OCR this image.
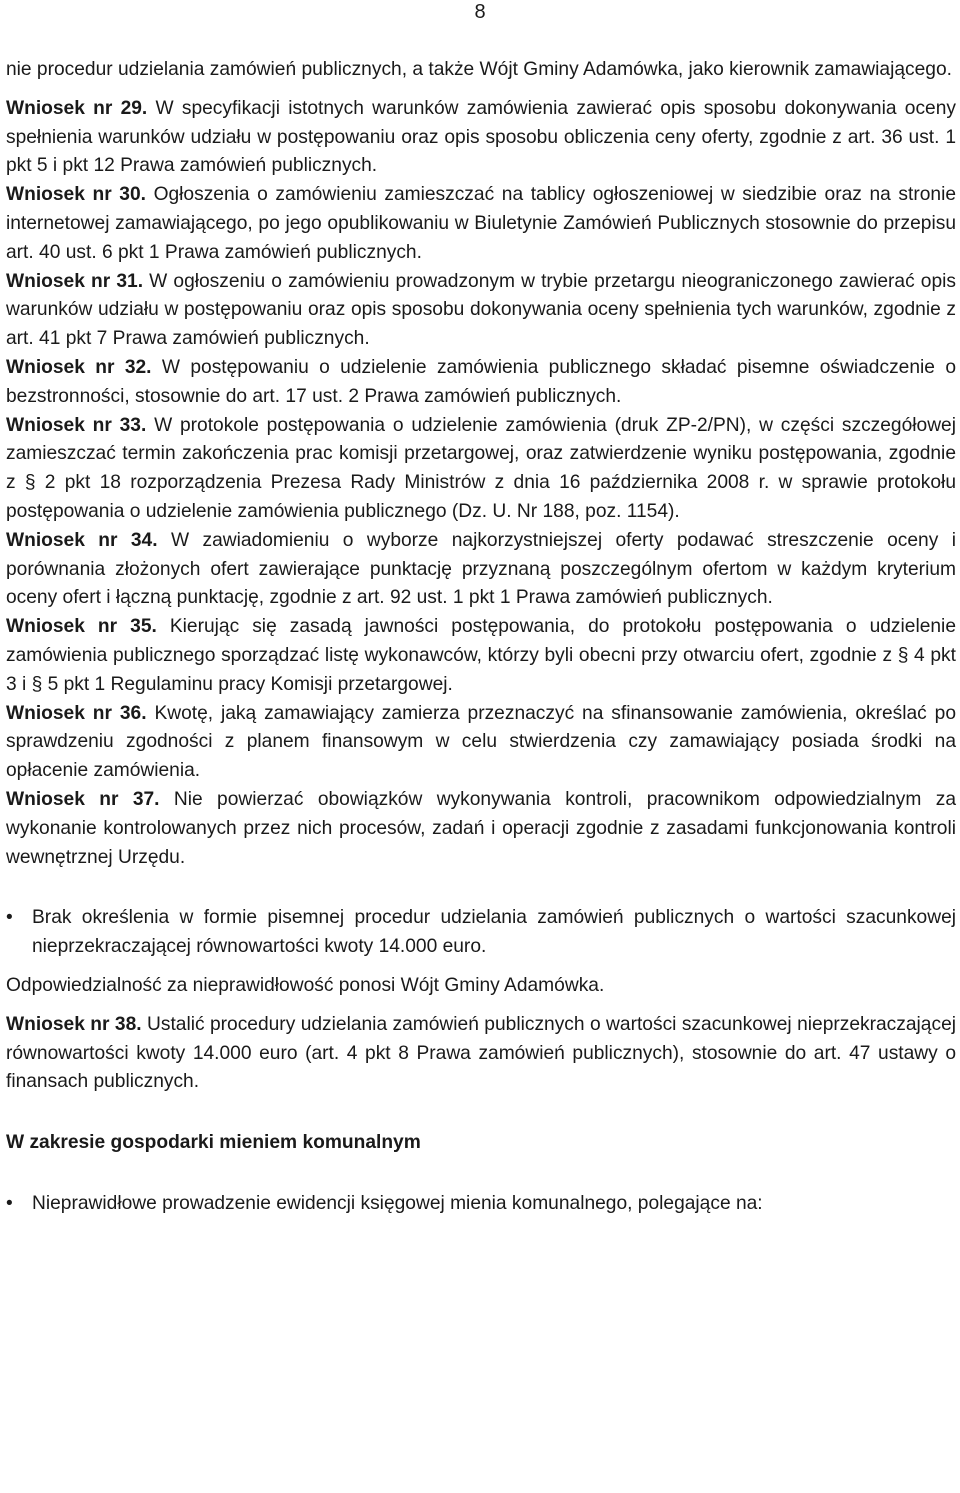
8

nie procedur udzielania zamówień publicznych, a także Wójt Gminy Adamówka, jako kierownik zamawiającego.

Wniosek nr 29. W specyfikacji istotnych warunków zamówienia zawierać opis sposobu dokonywania oceny spełnienia warunków udziału w postępowaniu oraz opis sposobu obliczenia ceny oferty, zgodnie z art. 36 ust. 1 pkt 5 i pkt 12 Prawa zamówień publicznych.

Wniosek nr 30. Ogłoszenia o zamówieniu zamieszczać na tablicy ogłoszeniowej w siedzibie oraz na stronie internetowej zamawiającego, po jego opublikowaniu w Biuletynie Zamówień Publicznych stosownie do przepisu art. 40 ust. 6 pkt 1 Prawa zamówień publicznych.

Wniosek nr 31. W ogłoszeniu o zamówieniu prowadzonym w trybie przetargu nieograniczonego zawierać opis warunków udziału w postępowaniu oraz opis sposobu dokonywania oceny spełnienia tych warunków, zgodnie z art. 41 pkt 7 Prawa zamówień publicznych.

Wniosek nr 32. W postępowaniu o udzielenie zamówienia publicznego składać pisemne oświadczenie o bezstronności, stosownie do art. 17 ust. 2 Prawa zamówień publicznych.

Wniosek nr 33. W protokole postępowania o udzielenie zamówienia (druk ZP-2/PN), w części szczegółowej zamieszczać termin zakończenia prac komisji przetargowej, oraz zatwierdzenie wyniku postępowania, zgodnie z § 2 pkt 18 rozporządzenia Prezesa Rady Ministrów z dnia 16 października 2008 r. w sprawie protokołu postępowania o udzielenie zamówienia publicznego (Dz. U. Nr 188, poz. 1154).

Wniosek nr 34. W zawiadomieniu o wyborze najkorzystniejszej oferty podawać streszczenie oceny i porównania złożonych ofert zawierające punktację przyznaną poszczególnym ofertom w każdym kryterium oceny ofert i łączną punktację, zgodnie z art. 92 ust. 1 pkt 1 Prawa zamówień publicznych.

Wniosek nr 35. Kierując się zasadą jawności postępowania, do protokołu postępowania o udzielenie zamówienia publicznego sporządzać listę wykonawców, którzy byli obecni przy otwarciu ofert, zgodnie z § 4 pkt 3 i § 5 pkt 1 Regulaminu pracy Komisji przetargowej.

Wniosek nr 36. Kwotę, jaką zamawiający zamierza przeznaczyć na sfinansowanie zamówienia, określać po sprawdzeniu zgodności z planem finansowym w celu stwierdzenia czy zamawiający posiada środki na opłacenie zamówienia.

Wniosek nr 37. Nie powierzać obowiązków wykonywania kontroli, pracownikom odpowiedzialnym za wykonanie kontrolowanych przez nich procesów, zadań i operacji zgodnie z zasadami funkcjonowania kontroli wewnętrznej Urzędu.

• Brak określenia w formie pisemnej procedur udzielania zamówień publicznych o wartości szacunkowej nieprzekraczającej równowartości kwoty 14.000 euro.

Odpowiedzialność za nieprawidłowość ponosi Wójt Gminy Adamówka.

Wniosek nr 38. Ustalić procedury udzielania zamówień publicznych o wartości szacunkowej nieprzekraczającej równowartości kwoty 14.000 euro (art. 4 pkt 8 Prawa zamówień publicznych), stosownie do art. 47 ustawy o finansach publicznych.

W zakresie gospodarki mieniem komunalnym

• Nieprawidłowe prowadzenie ewidencji księgowej mienia komunalnego, polegające na:
